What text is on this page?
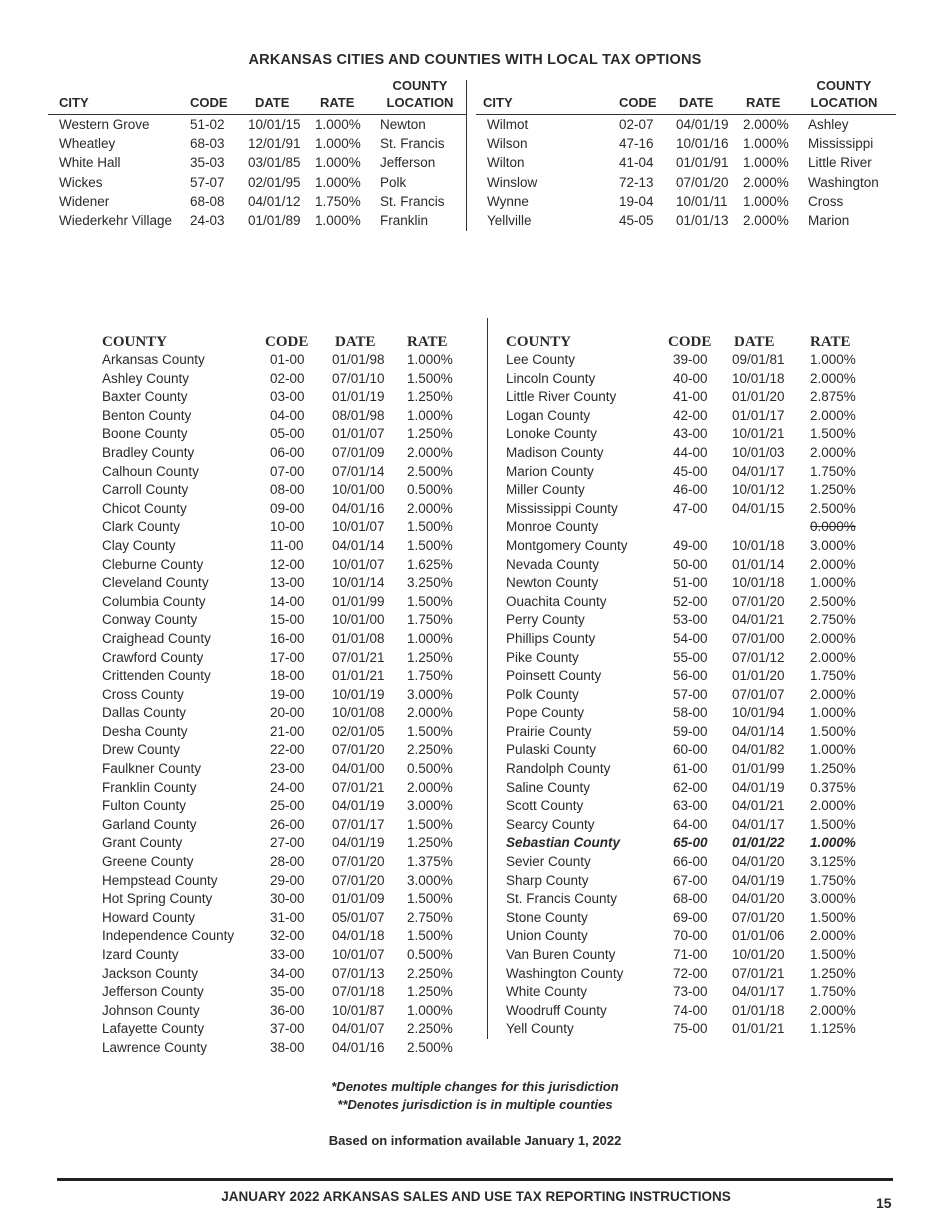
ARKANSAS CITIES AND COUNTIES WITH LOCAL TAX OPTIONS
CITY	CODE DATE RATE
COUNTY
LOCATION
Western Grove	51-02 10/01/15 1.000% Newton
Wheatley	68-03 12/01/91 1.000% St. Francis
White Hall	35-03 03/01/85 1.000% Jefferson
Wickes	57-07 02/01/95 1.000% Polk
Widener	68-08 04/01/12 1.750% St. Francis
Wiederkehr Village 24-03 01/01/89 1.000% Franklin
CITY	CODE DATE	RATE
COUNTY
LOCATION
Wilmot	02-07 04/01/19 2.000% Ashley
Wilson	47-16 10/01/16 1.000% Mississippi
Wilton	41-04 01/01/91 1.000% Little River
Winslow	72-13 07/01/20 2.000% Washington
Wynne	19-04 10/01/11 1.000% Cross
Yellville	45-05 01/01/13 2.000% Marion
COUNTY	CODE DATE RATE
Arkansas County	01-00 01/01/98 1.000%
Ashley County	02-00 07/01/10 1.500%
Baxter County	03-00 01/01/19 1.250%
Benton County	04-00 08/01/98 1.000%
Boone County	05-00 01/01/07 1.250%
Bradley County	06-00 07/01/09 2.000%
Calhoun County	07-00 07/01/14 2.500%
Carroll County	08-00 10/01/00 0.500%
Chicot County	09-00 04/01/16 2.000%
Clark County	10-00 10/01/07 1.500%
Clay County	11-00 04/01/14 1.500%
Cleburne County	12-00 10/01/07 1.625%
Cleveland County	13-00 10/01/14 3.250%
Columbia County	14-00 01/01/99 1.500%
Conway County	15-00 10/01/00 1.750%
Craighead County	16-00 01/01/08 1.000%
Crawford County	17-00 07/01/21 1.250%
Crittenden County	18-00 01/01/21 1.750%
Cross County	19-00 10/01/19 3.000%
Dallas County	20-00 10/01/08 2.000%
Desha County	21-00 02/01/05 1.500%
Drew County	22-00 07/01/20 2.250%
Faulkner County	23-00 04/01/00 0.500%
Franklin County	24-00 07/01/21 2.000%
Fulton County	25-00 04/01/19 3.000%
Garland County	26-00 07/01/17 1.500%
Grant County	27-00 04/01/19 1.250%
Greene County	28-00 07/01/20 1.375%
Hempstead County	29-00 07/01/20 3.000%
Hot Spring County	30-00 01/01/09 1.500%
Howard County	31-00 05/01/07 2.750%
Independence County	32-00 04/01/18 1.500%
Izard County	33-00 10/01/07 0.500%
Jackson County	34-00 07/01/13 2.250%
Jefferson County	35-00 07/01/18 1.250%
Johnson County	36-00 10/01/87 1.000%
Lafayette County	37-00 04/01/07 2.250%
Lawrence County	38-00 04/01/16 2.500%
COUNTY	CODE DATE RATE
Lee County	39-00 09/01/81 1.000%
Lincoln County	40-00 10/01/18 2.000%
Little River County	41-00 01/01/20 2.875%
Logan County	42-00 01/01/17 2.000%
Lonoke County	43-00 10/01/21 1.500%
Madison County	44-00 10/01/03 2.000%
Marion County	45-00 04/01/17 1.750%
Miller County	46-00 10/01/12 1.250%
Mississippi County	47-00 04/01/15 2.500%
Monroe County	0.000%
Montgomery County	49-00 10/01/18 3.000%
Nevada County	50-00 01/01/14 2.000%
Newton County	51-00 10/01/18 1.000%
Ouachita County	52-00 07/01/20 2.500%
Perry County	53-00 04/01/21 2.750%
Phillips County	54-00 07/01/00 2.000%
Pike County	55-00 07/01/12 2.000%
Poinsett County	56-00 01/01/20 1.750%
Polk County	57-00 07/01/07 2.000%
Pope County	58-00 10/01/94 1.000%
Prairie County	59-00 04/01/14 1.500%
Pulaski County	60-00 04/01/82 1.000%
Randolph County	61-00 01/01/99 1.250%
Saline County	62-00 04/01/19 0.375%
Scott County	63-00 04/01/21 2.000%
Searcy County	64-00 04/01/17 1.500%
Sebastian County	65-00 01/01/22 1.000%
Sevier County	66-00 04/01/20 3.125%
Sharp County	67-00 04/01/19 1.750%
St. Francis County	68-00 04/01/20 3.000%
Stone County	69-00 07/01/20 1.500%
Union County	70-00 01/01/06 2.000%
Van Buren County	71-00 10/01/20 1.500%
Washington County	72-00 07/01/21 1.250%
White County	73-00 04/01/17 1.750%
Woodruff County	74-00 01/01/18 2.000%
Yell County	75-00 01/01/21 1.125%
*Denotes multiple changes for this jurisdiction
**Denotes jurisdiction is in multiple counties
Based on information available January 1, 2022
JANUARY 2022 ARKANSAS SALES AND USE TAX REPORTING INSTRUCTIONS	15
